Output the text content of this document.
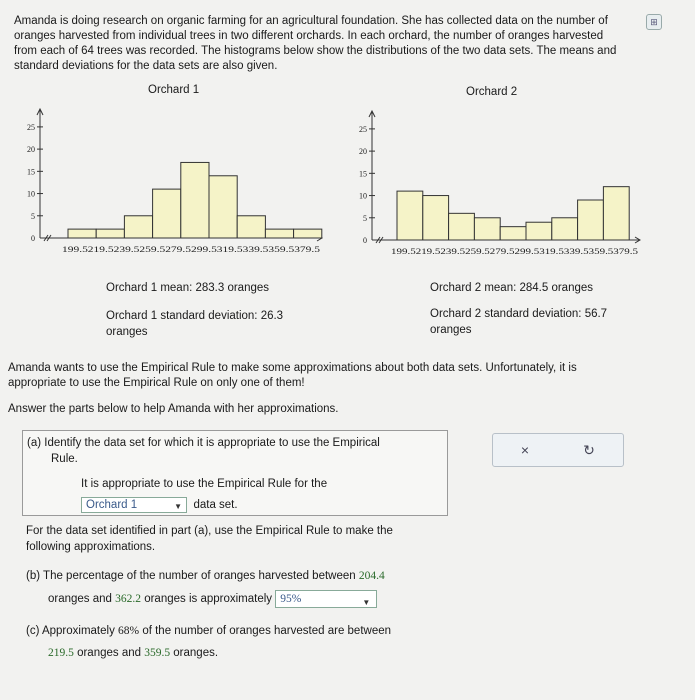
⊞
Amanda is doing research on organic farming for an agricultural foundation. She has collected data on the number of oranges harvested from individual trees in two different orchards. In each orchard, the number of oranges harvested from each of 64 trees was recorded. The histograms below show the distributions of the two data sets. The means and standard deviations for the data sets are also given.
Orchard 1	Orchard 2
0
5
10
15
20
25
199.5219.5239.5259.5279.5299.5319.5339.5359.5379.5
0
5
10
15
20
25
199.5219.5239.5259.5279.5299.5319.5339.5359.5379.5
Orchard 1 mean: 283.3 oranges
Orchard 1 standard deviation: 26.3
oranges
Orchard 2 mean: 284.5 oranges
Orchard 2 standard deviation: 56.7
oranges
Amanda wants to use the Empirical Rule to make some approximations about both data sets. Unfortunately, it is appropriate to use the Empirical Rule on only one of them!
Answer the parts below to help Amanda with her approximations.
(a) Identify the data set for which it is appropriate to use the Empirical
Rule.
It is appropriate to use the Empirical Rule for the
Orchard 1	▼ data set.
×	↻
For the data set identified in part (a), use the Empirical Rule to make the
following approximations.
(b) The percentage of the number of oranges harvested between 204.4
oranges and 362.2 oranges is approximately 95%	▼
(c) Approximately 68% of the number of oranges harvested are between
219.5 oranges and 359.5 oranges.
